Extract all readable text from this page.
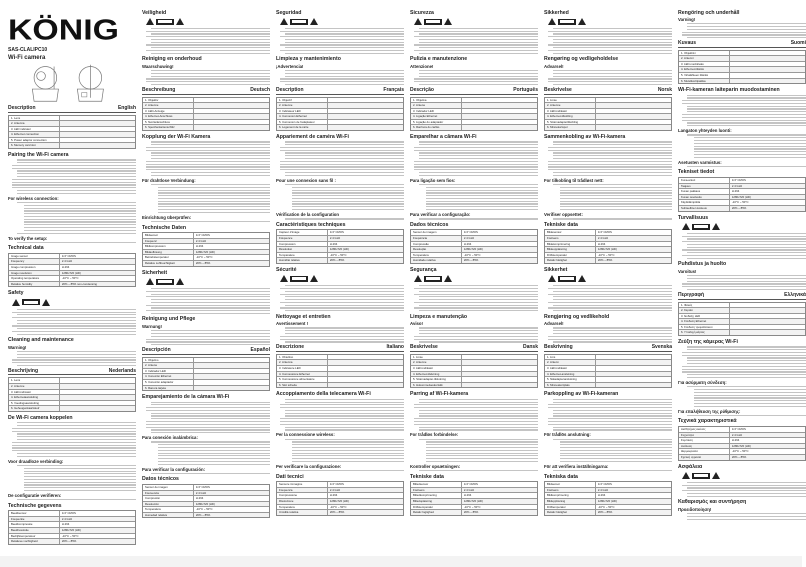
KÖNIG
SAS-CLALIPC10
Wi-Fi camera
Description	English
1. Lens
2. Antenna
3. LED indicator
4. Ethernet connection
5. Power adaptor connection
6. Memory card slot
Pairing the Wi-Fi camera
For wireless connection:
To verify the setup:
Technical data
Image sensor	1/4" CMOS
Frequency	2.4 GHz
Image compression	H.264
Image resolution	1280x720 (HD)
Operating temperature	-10°C ~ 50°C
Relative humidity	20% ~ 85% non-condensing
Safety
Cleaning and maintenance
Warning!
Beschrijving	Nederlands
1. Lens
2. Antenne
3. LED-indicator
4. Ethernetaansluiting
5. Voedingsaansluiting
6. Geheugenkaartsleuf
De Wi-Fi camera koppelen
Voor draadloze verbinding:
De configuratie verifiëren:
Technische gegevens
Beeldsensor	1/4" CMOS
Frequentie	2.4 GHz
Beeldcompressie	H.264
Beeldresolutie	1280x720 (HD)
Bedrijfstemperatuur	-10°C ~ 50°C
Relatieve vochtigheid	20% ~ 85%
Veiligheid
Reiniging en onderhoud
Waarschuwing!
Beschreibung	Deutsch
1. Objektiv
2. Antenne
3. LED-Anzeige
4. Ethernet-Anschluss
5. Netzteilanschluss
6. Speicherkartenschlitz
Kopplung der Wi-Fi Kamera
Für drahtlose Verbindung:
Einrichtung überprüfen:
Technische Daten
Bildsensor	1/4" CMOS
Frequenz	2.4 GHz
Bildkompression	H.264
Bildauflösung	1280x720 (HD)
Betriebstemperatur	-10°C ~ 50°C
Relative Luftfeuchtigkeit	20% ~ 85%
Sicherheit
Reinigung und Pflege
Warnung!
Descripción	Español
1. Objetivo
2. Antena
3. Indicador LED
4. Conexión Ethernet
5. Conexión adaptador
6. Ranura tarjeta
Emparejamiento de la cámara Wi-Fi
Para conexión inalámbrica:
Para verificar la configuración:
Datos técnicos
Sensor de imagen	1/4" CMOS
Frecuencia	2.4 GHz
Compresión	H.264
Resolución	1280x720 (HD)
Temperatura	-10°C ~ 50°C
Humedad relativa	20% ~ 85%
Seguridad
Limpieza y mantenimiento
¡Advertencia!
Description	Français
1. Objectif
2. Antenne
3. Indicateur LED
4. Connexion Ethernet
5. Connexion de l'adaptateur
6. Logement de la carte
Appariement de caméra Wi-Fi
Pour une connexion sans fil :
Vérification de la configuration
Caractéristiques techniques
Capteur d'image	1/4" CMOS
Fréquence	2.4 GHz
Compression	H.264
Résolution	1280x720 (HD)
Température	-10°C ~ 50°C
Humidité relative	20% ~ 85%
Sécurité
Nettoyage et entretien
Avertissement !
Descrizione	Italiano
1. Obiettivo
2. Antenna
3. Indicatore LED
4. Connessione Ethernet
5. Connessione alimentatore
6. Slot scheda
Accoppiamento della telecamera Wi-Fi
Per la connessione wireless:
Per verificare la configurazione:
Dati tecnici
Sensore immagine	1/4" CMOS
Frequenza	2.4 GHz
Compressione	H.264
Risoluzione	1280x720 (HD)
Temperatura	-10°C ~ 50°C
Umidità relativa	20% ~ 85%
Sicurezza
Pulizia e manutenzione
Attenzione!
Descrição	Português
1. Objetiva
2. Antena
3. Indicador LED
4. Ligação Ethernet
5. Ligação do adaptador
6. Ranhura do cartão
Emparelhar a câmara Wi-Fi
Para ligação sem fios:
Para verificar a configuração:
Dados técnicos
Sensor de imagem	1/4" CMOS
Frequência	2.4 GHz
Compressão	H.264
Resolução	1280x720 (HD)
Temperatura	-10°C ~ 50°C
Humidade relativa	20% ~ 85%
Segurança
Limpeza e manutenção
Aviso!
Beskrivelse	Dansk
1. Linse
2. Antenne
3. LED-indikator
4. Ethernet-tilslutning
5. Strømadapter-tilslutning
6. Hukommelseskortstik
Parring af Wi-Fi-kamera
For trådløs forbindelse:
Kontroller opsætningen:
Tekniske data
Billedsensor	1/4" CMOS
Frekvens	2.4 GHz
Billedkomprimering	H.264
Billedopløsning	1280x720 (HD)
Driftstemperatur	-10°C ~ 50°C
Relativ fugtighed	20% ~ 85%
Sikkerhed
Rengøring og vedligeholdelse
Advarsel!
Beskrivelse	Norsk
1. Linse
2. Antenne
3. LED-indikator
4. Ethernet-tilkobling
5. Strømadaptertilkobling
6. Minnekortspor
Sammenkobling av Wi-Fi-kamera
For tilkobling til trådløst nett:
Verifiser oppsettet:
Tekniske data
Bildesensor	1/4" CMOS
Frekvens	2.4 GHz
Bildekomprimering	H.264
Bildeoppløsning	1280x720 (HD)
Driftstemperatur	-10°C ~ 50°C
Relativ fuktighet	20% ~ 85%
Sikkerhet
Rengjøring og vedlikehold
Advarsel!
Beskrivning	Svenska
1. Lins
2. Antenn
3. LED-indikator
4. Ethernet-anslutning
5. Nätadapteranslutning
6. Minneskortplats
Parkoppling av Wi-Fi-kameran
För trådlös anslutning:
För att verifiera inställningarna:
Tekniska data
Bildsensor	1/4" CMOS
Frekvens	2.4 GHz
Bildkomprimering	H.264
Bildupplösning	1280x720 (HD)
Drifttemperatur	-10°C ~ 50°C
Relativ fuktighet	20% ~ 85%
Rengöring och underhåll
Varning!
Kuvaus	Suomi
1. Objektiivi
2. Antenni
3. LED-merkkivalo
4. Ethernet-liitäntä
5. Virtalähteen liitäntä
6. Muistikorttipaikka
Wi-Fi-kameran laiteparin muodostaminen
Langaton yhteyden luonti:
Asetusten varmistus:
Tekniset tiedot
Kuva-anturi	1/4" CMOS
Taajuus	2.4 GHz
Kuvan pakkaus	H.264
Kuvan resoluutio	1280x720 (HD)
Käyttölämpötila	-10°C ~ 50°C
Suhteellinen kosteus	20% ~ 85%
Turvallisuus
Puhdistus ja huolto
Varoitus!
Περιγραφή	Ελληνικά
1. Φακός
2. Κεραία
3. Ένδειξη LED
4. Σύνδεση Ethernet
5. Σύνδεση τροφοδοτικού
6. Υποδοχή κάρτας
Ζεύξη της κάμερας Wi-Fi
Για ασύρματη σύνδεση:
Για επαλήθευση της ρύθμισης:
Τεχνικά χαρακτηριστικά
Αισθητήρας εικόνας	1/4" CMOS
Συχνότητα	2.4 GHz
Συμπίεση	H.264
Ανάλυση	1280x720 (HD)
Θερμοκρασία	-10°C ~ 50°C
Σχετική υγρασία	20% ~ 85%
Ασφάλεια
Καθαρισμός και συντήρηση
Προειδοποίηση!
